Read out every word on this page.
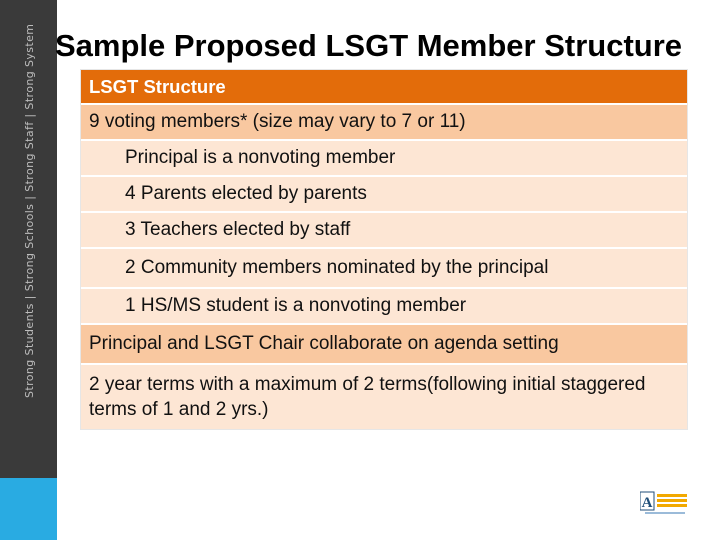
Strong Students | Strong Schools | Strong Staff | Strong System Sample Proposed LSGT Member Structure
LSGT Structure
9 voting members* (size may vary to 7 or 11)
Principal is a nonvoting member
4 Parents elected by parents
3 Teachers elected by staff
2 Community members nominated by the principal
1 HS/MS student is a nonvoting member
Principal and LSGT Chair collaborate on agenda setting
2 year terms with a maximum of 2 terms(following initial staggered terms of 1 and 2 yrs.)
A
